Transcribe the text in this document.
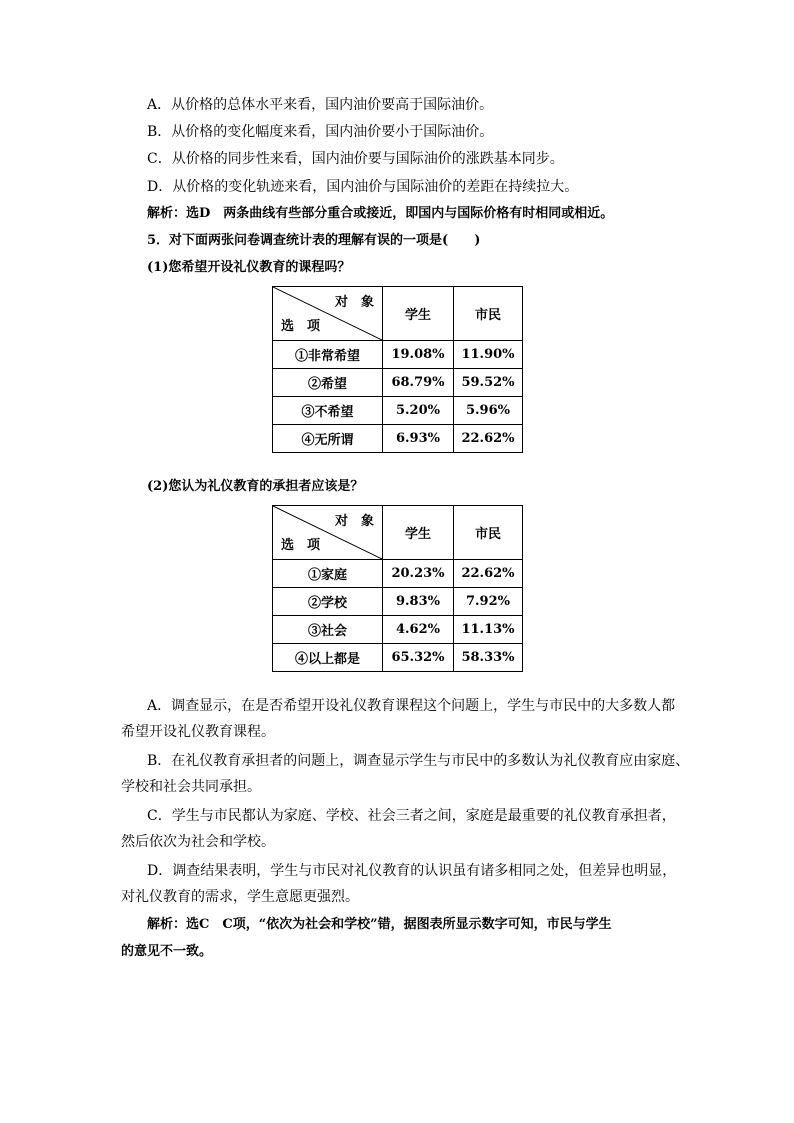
A．从价格的总体水平来看，国内油价要高于国际油价。
B．从价格的变化幅度来看，国内油价要小于国际油价。
C．从价格的同步性来看，国内油价要与国际油价的涨跌基本同步。
D．从价格的变化轨迹来看，国内油价与国际油价的差距在持续拉大。
解析：选D　两条曲线有些部分重合或接近，即国内与国际价格有时相同或相近。
5．对下面两张问卷调查统计表的理解有误的一项是(　　)
(1)您希望开设礼仪教育的课程吗？
对　象
选　项	学生	市民
①非常希望	19.08%	11.90%
②希望	68.79%	59.52%
③不希望	5.20%	5.96%
④无所谓	6.93%	22.62%
(2)您认为礼仪教育的承担者应该是？
对　象
选　项	学生	市民
①家庭	20.23%	22.62%
②学校	9.83%	7.92%
③社会	4.62%	11.13%
④以上都是	65.32%	58.33%
A．调查显示，在是否希望开设礼仪教育课程这个问题上，学生与市民中的大多数人都
希望开设礼仪教育课程。
B．在礼仪教育承担者的问题上，调查显示学生与市民中的多数认为礼仪教育应由家庭、
学校和社会共同承担。
C．学生与市民都认为家庭、学校、社会三者之间，家庭是最重要的礼仪教育承担者，
然后依次为社会和学校。
D．调查结果表明，学生与市民对礼仪教育的认识虽有诸多相同之处，但差异也明显，
对礼仪教育的需求，学生意愿更强烈。
解析：选C　C项，“依次为社会和学校”错，据图表所显示数字可知，市民与学生
的意见不一致。
